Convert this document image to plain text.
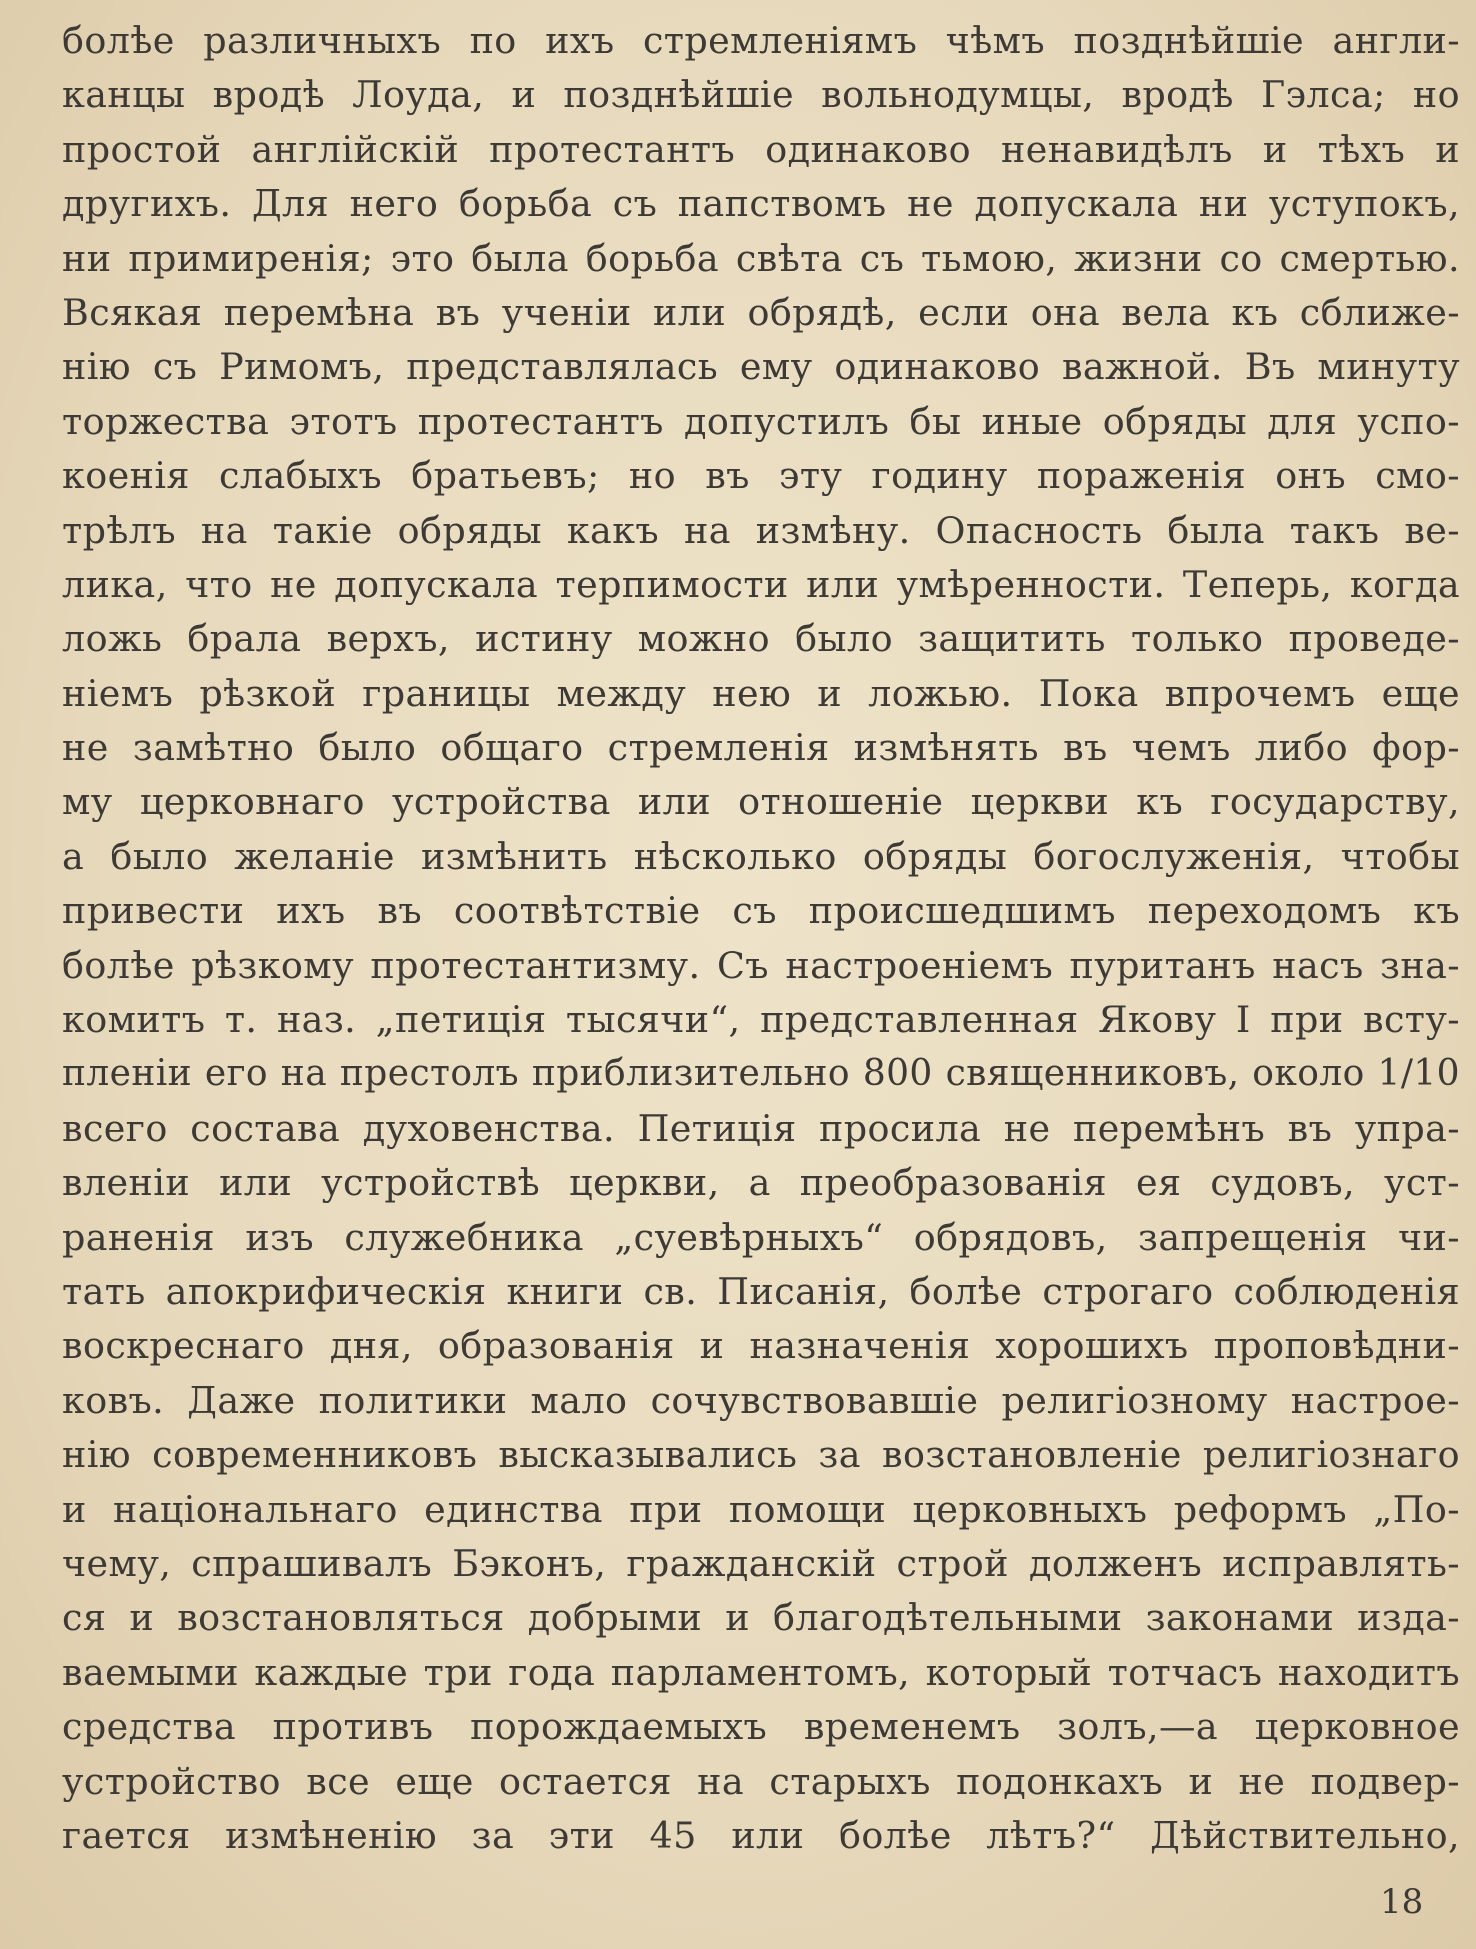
болѣе различныхъ по ихъ стремленіямъ чѣмъ позднѣйшіе англи-
канцы вродѣ Лоуда, и позднѣйшіе вольнодумцы, вродѣ Гэлса; но
простой англійскій протестантъ одинаково ненавидѣлъ и тѣхъ и
другихъ. Для него борьба съ папствомъ не допускала ни уступокъ,
ни примиренія; это была борьба свѣта съ тьмою, жизни со смертью.
Всякая перемѣна въ ученіи или обрядѣ, если она вела къ сближе-
нію съ Римомъ, представлялась ему одинаково важной. Въ минуту
торжества этотъ протестантъ допустилъ бы иные обряды для успо-
коенія слабыхъ братьевъ; но въ эту годину пораженія онъ смо-
трѣлъ на такіе обряды какъ на измѣну. Опасность была такъ ве-
лика, что не допускала терпимости или умѣренности. Теперь, когда
ложь брала верхъ, истину можно было защитить только проведе-
ніемъ рѣзкой границы между нею и ложью. Пока впрочемъ еще
не замѣтно было общаго стремленія измѣнять въ чемъ либо фор-
му церковнаго устройства или отношеніе церкви къ государству,
а было желаніе измѣнить нѣсколько обряды богослуженія, чтобы
привести ихъ въ соотвѣтствіе съ происшедшимъ переходомъ къ
болѣе рѣзкому протестантизму. Съ настроеніемъ пуританъ насъ зна-
комитъ т. наз. „петиція тысячи“, представленная Якову I при всту-
пленіи его на престолъ приблизительно 800 священниковъ, около 1/10
всего состава духовенства. Петиція просила не перемѣнъ въ упра-
вленіи или устройствѣ церкви, а преобразованія ея судовъ, уст-
раненія изъ служебника „суевѣрныхъ“ обрядовъ, запрещенія чи-
тать апокрифическія книги св. Писанія, болѣе строгаго соблюденія
воскреснаго дня, образованія и назначенія хорошихъ проповѣдни-
ковъ. Даже политики мало сочувствовавшіе религіозному настрое-
нію современниковъ высказывались за возстановленіе религіознаго
и національнаго единства при помощи церковныхъ реформъ „По-
чему, спрашивалъ Бэконъ, гражданскій строй долженъ исправлять-
ся и возстановляться добрыми и благодѣтельными законами изда-
ваемыми каждые три года парламентомъ, который тотчасъ находитъ
средства противъ порождаемыхъ временемъ золъ,—а церковное
устройство все еще остается на старыхъ подонкахъ и не подвер-
гается измѣненію за эти 45 или болѣе лѣтъ?“ Дѣйствительно,
18
